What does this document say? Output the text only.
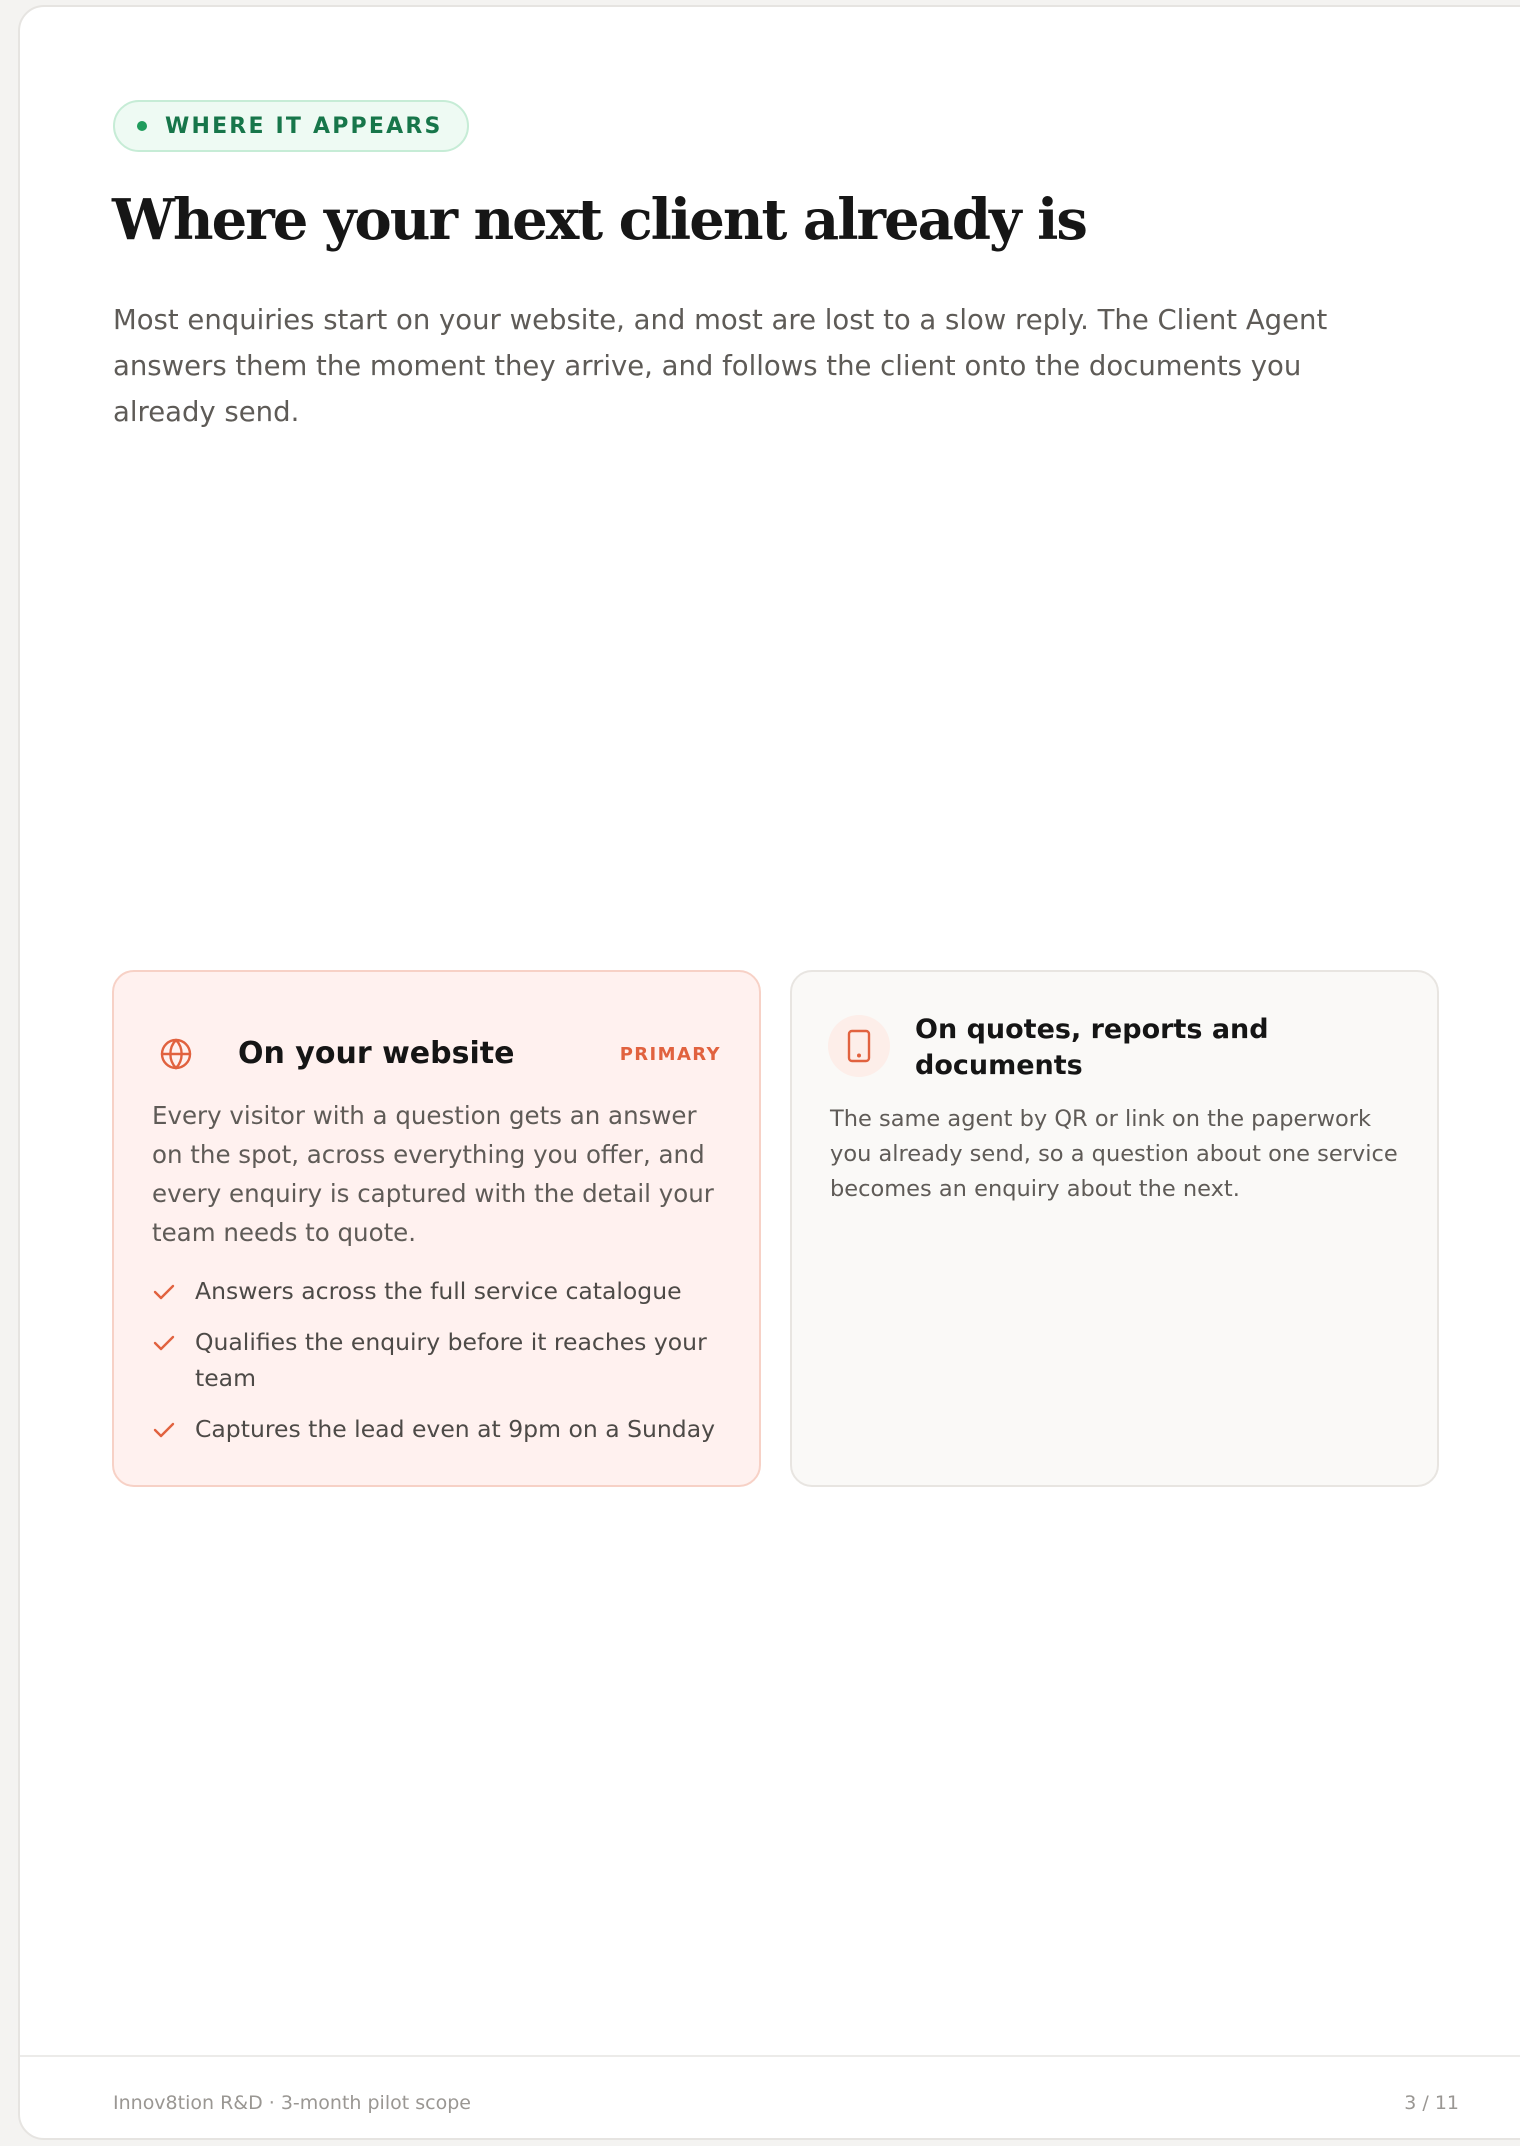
WHERE IT APPEARS
Where your next client already is

Most enquiries start on your website, and most are lost to a slow reply. The Client Agent answers them the moment they arrive, and follows the client onto the documents you already send.

On your website	PRIMARY

Every visitor with a question gets an answer on the spot, across everything you offer, and every enquiry is captured with the detail your team needs to quote.

Answers across the full service catalogue
Qualifies the enquiry before it reaches your team
Captures the lead even at 9pm on a Sunday
On quotes, reports and documents

The same agent by QR or link on the paperwork you already send, so a question about one service becomes an enquiry about the next.

Innov8tion R&D · 3-month pilot scope	3 / 11
